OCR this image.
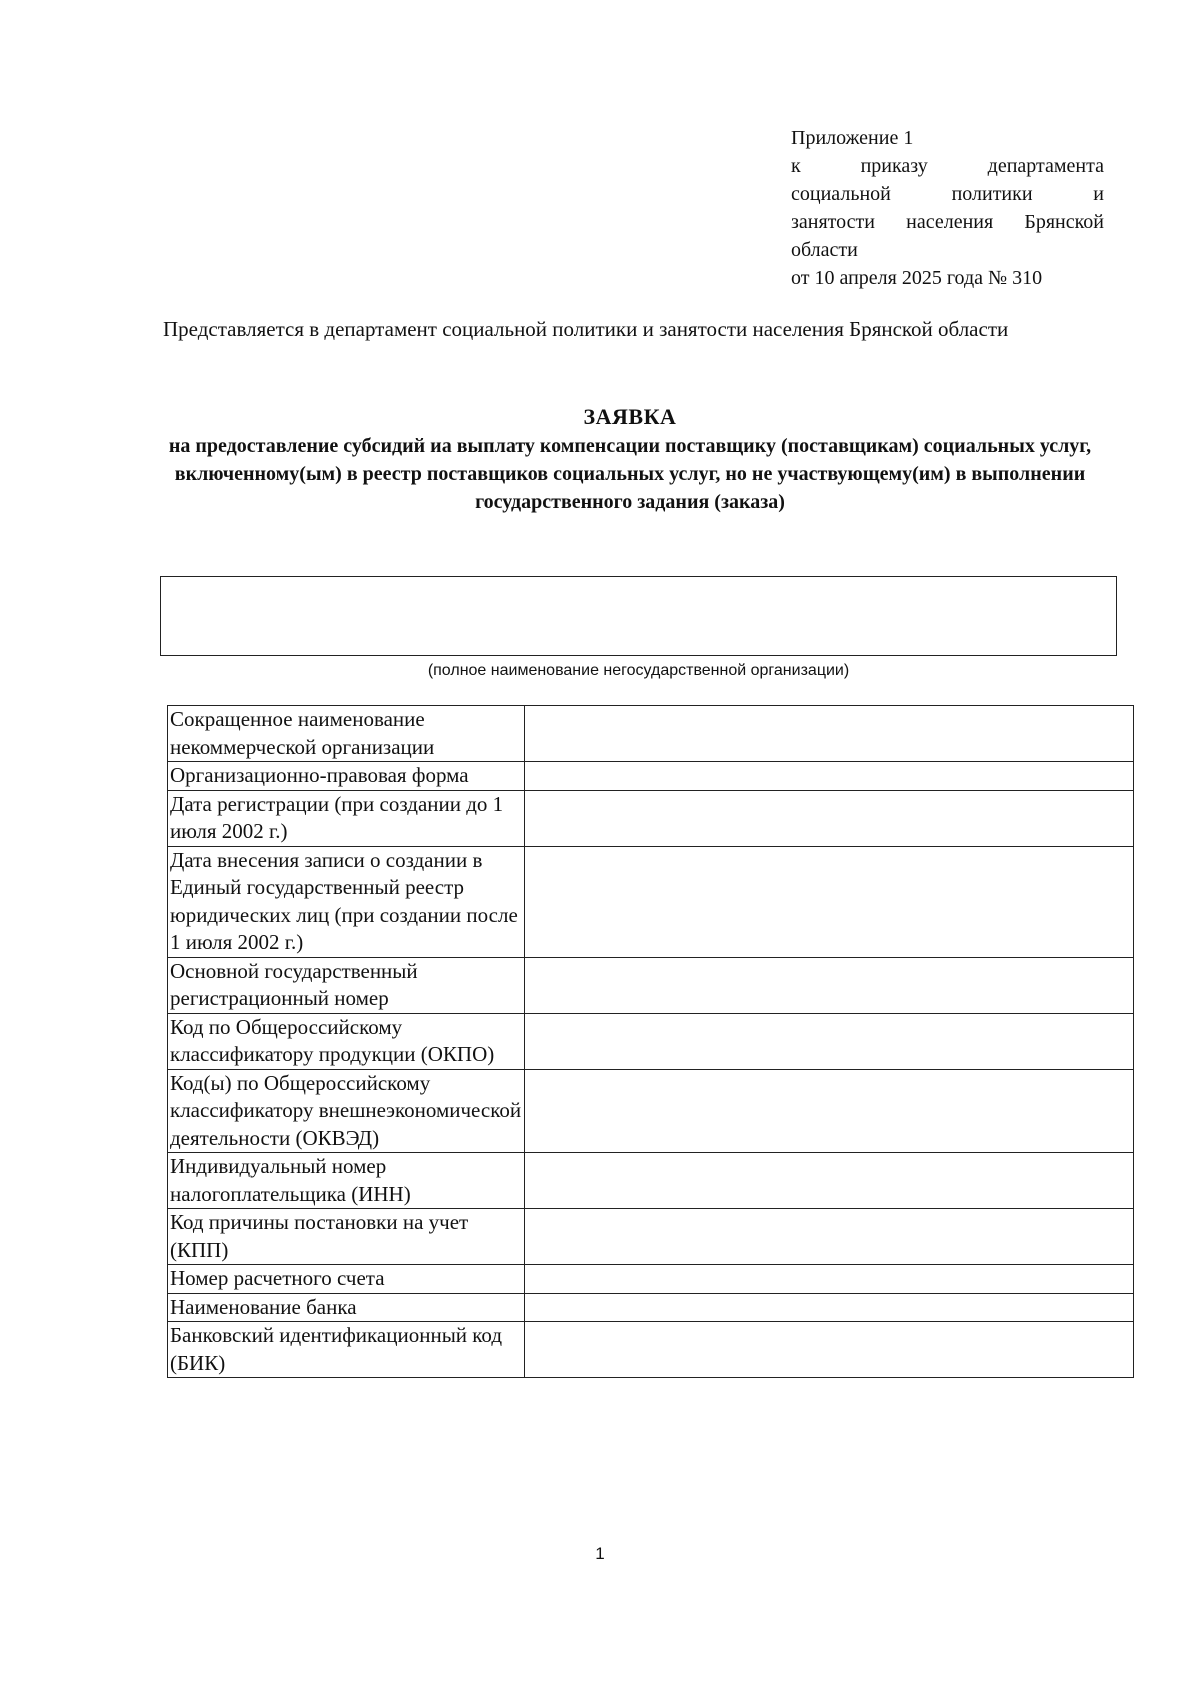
Приложение 1
к приказу департамента
социальной политики и
занятости населения Брянской
области
от 10 апреля 2025 года № 310
Представляется в департамент социальной политики и занятости населения Брянской области
ЗАЯВКА
на предоставление субсидий иа выплату компенсации поставщику (поставщикам) социальных услуг, включенному(ым) в реестр поставщиков социальных услуг, но не участвующему(им) в выполнении государственного задания (заказа)
(полное наименование негосударственной организации)
Сокращенное наименование некоммерческой организации	
Организационно-правовая форма	
Дата регистрации (при создании до 1 июля 2002 г.)	
Дата внесения записи о создании в Единый государственный реестр юридических лиц (при создании после 1 июля 2002 г.)	
Основной государственный регистрационный номер	
Код по Общероссийскому классификатору продукции (ОКПО)	
Код(ы) по Общероссийскому классификатору внешнеэкономической деятельности (ОКВЭД)	
Индивидуальный номер налогоплательщика (ИНН)	
Код причины постановки на учет (КПП)	
Номер расчетного счета	
Наименование банка	
Банковский идентификационный код (БИК)	
1
